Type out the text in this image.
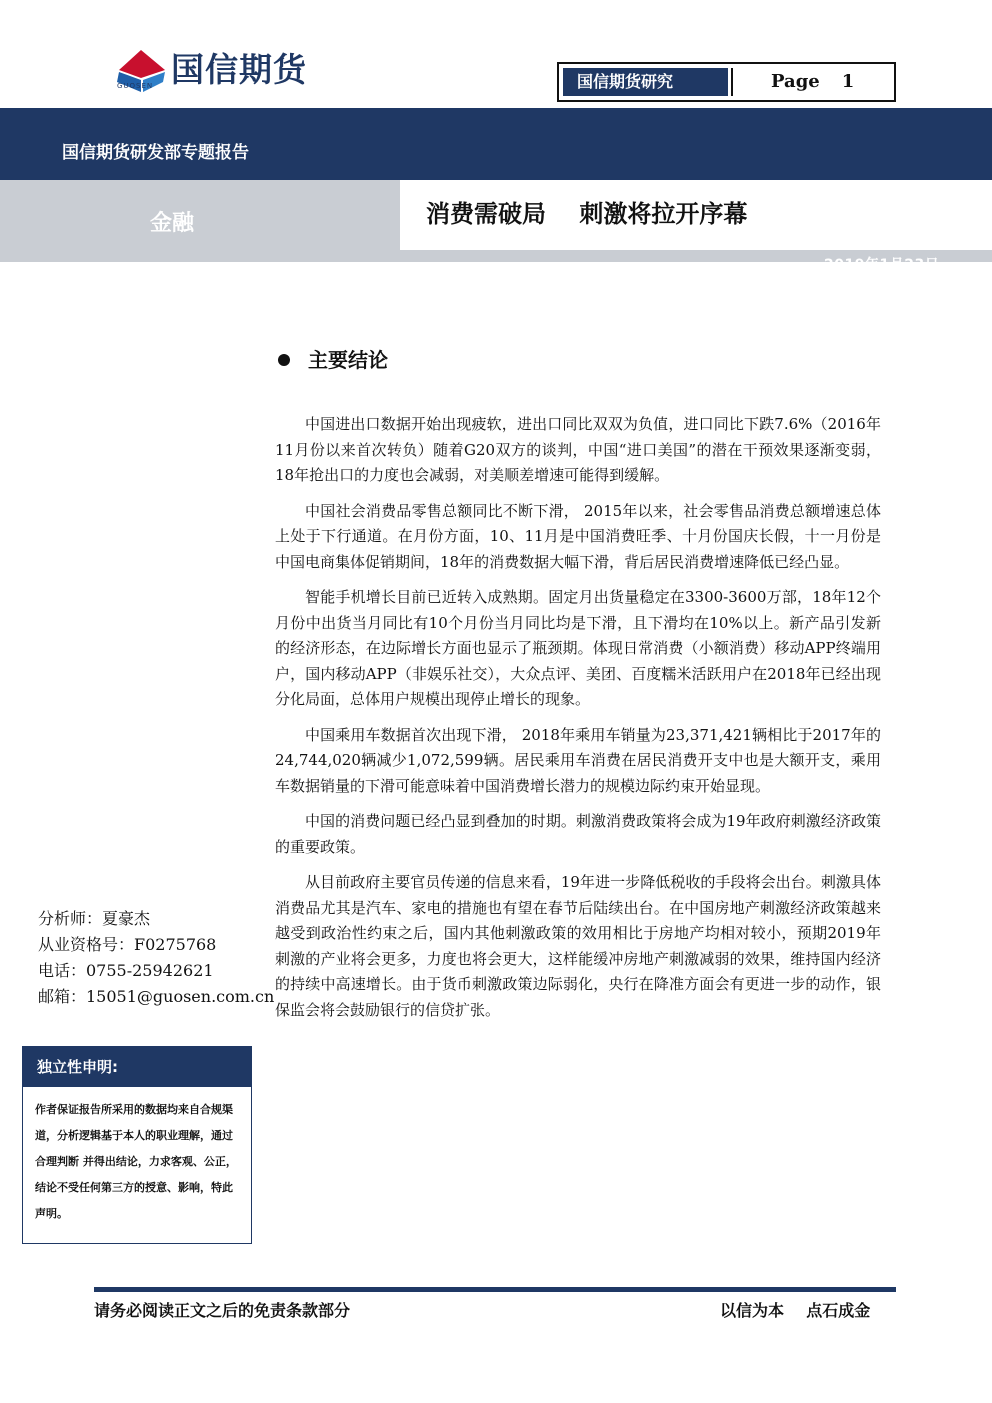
国信期货
GUOSEN	国信期货研究	Page 1
国信期货研发部专题报告
金融	消费需破局    刺激将拉开序幕
2019年1月23日
主要结论

中国进出口数据开始出现疲软，进出口同比双双为负值，进口同比下跌7.6%（2016年11月份以来首次转负）随着G20双方的谈判，中国“进口美国”的潜在干预效果逐渐变弱，18年抢出口的力度也会减弱，对美顺差增速可能得到缓解。

中国社会消费品零售总额同比不断下滑， 2015年以来，社会零售品消费总额增速总体上处于下行通道。在月份方面，10、11月是中国消费旺季、十月份国庆长假，十一月份是中国电商集体促销期间，18年的消费数据大幅下滑，背后居民消费增速降低已经凸显。

智能手机增长目前已近转入成熟期。固定月出货量稳定在3300-3600万部，18年12个月份中出货当月同比有10个月份当月同比均是下滑，且下滑均在10%以上。新产品引发新的经济形态，在边际增长方面也显示了瓶颈期。体现日常消费（小额消费）移动APP终端用户，国内移动APP（非娱乐社交），大众点评、美团、百度糯米活跃用户在2018年已经出现分化局面，总体用户规模出现停止增长的现象。

中国乘用车数据首次出现下滑， 2018年乘用车销量为23,371,421辆相比于2017年的24,744,020辆减少1,072,599辆。居民乘用车消费在居民消费开支中也是大额开支，乘用车数据销量的下滑可能意味着中国消费增长潜力的规模边际约束开始显现。

中国的消费问题已经凸显到叠加的时期。刺激消费政策将会成为19年政府刺激经济政策的重要政策。

从目前政府主要官员传递的信息来看，19年进一步降低税收的手段将会出台。刺激具体消费品尤其是汽车、家电的措施也有望在春节后陆续出台。在中国房地产刺激经济政策越来越受到政治性约束之后，国内其他刺激政策的效用相比于房地产均相对较小，预期2019年刺激的产业将会更多，力度也将会更大，这样能缓冲房地产刺激减弱的效果，维持国内经济的持续中高速增长。由于货币刺激政策边际弱化，央行在降准方面会有更进一步的动作，银保监会将会鼓励银行的信贷扩张。

分析师：夏豪杰
从业资格号：F0275768
电话：0755-25942621
邮箱：15051@guosen.com.cn
独立性申明:
作者保证报告所采用的数据均来自合规渠道，分析逻辑基于本人的职业理解，通过合理判断 并得出结论，力求客观、公正，结论不受任何第三方的授意、影响，特此声明。
请务必阅读正文之后的免责条款部分	以信为本    点石成金
